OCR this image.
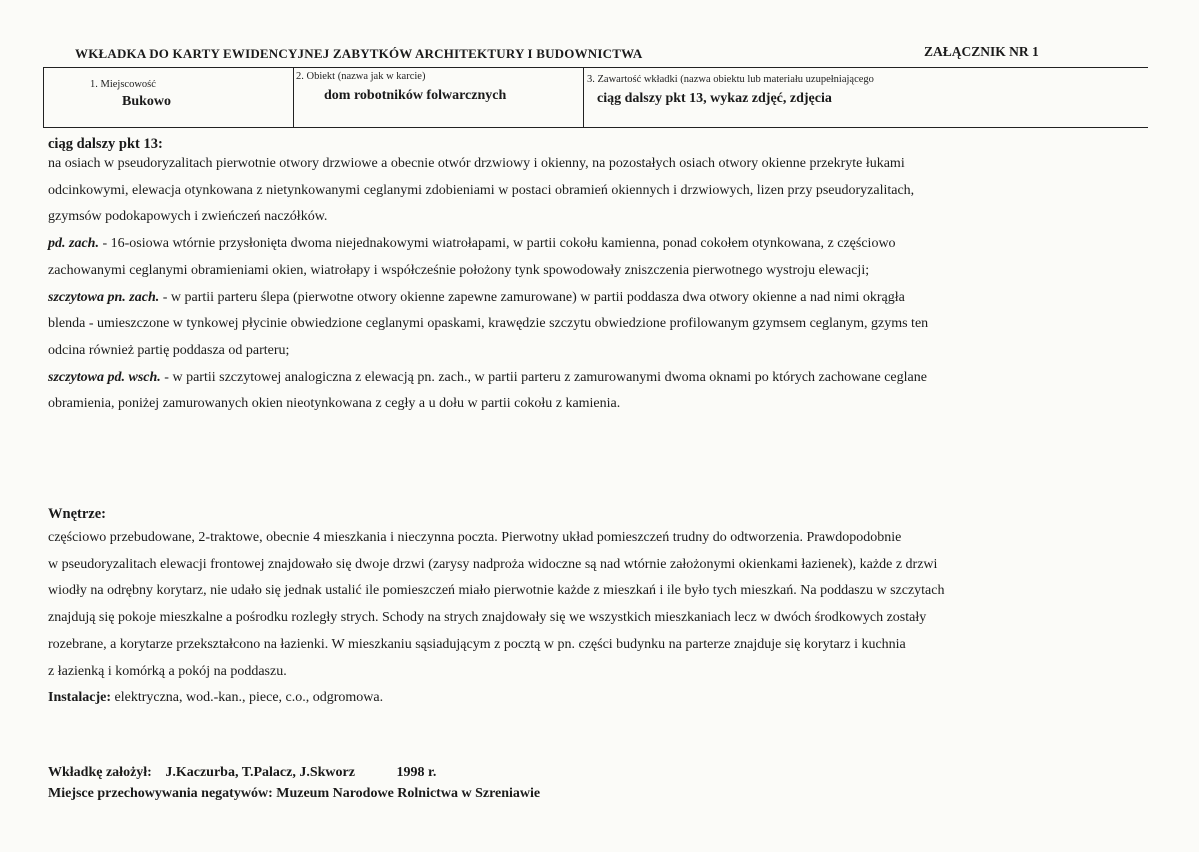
WKŁADKA DO KARTY EWIDENCYJNEJ ZABYTKÓW ARCHITEKTURY I BUDOWNICTWA	ZAŁĄCZNIK NR 1
1. Miejscowość
Bukowo
2. Obiekt (nazwa jak w karcie)
dom robotników folwarcznych
3. Zawartość wkładki (nazwa obiektu lub materiału uzupełniającego
ciąg dalszy pkt 13, wykaz zdjęć, zdjęcia

ciąg dalszy pkt 13:

na osiach w pseudoryzalitach pierwotnie otwory drzwiowe a obecnie otwór drzwiowy i okienny, na pozostałych osiach otwory okienne przekryte łukami

odcinkowymi, elewacja otynkowana z nietynkowanymi ceglanymi zdobieniami w postaci obramień okiennych i drzwiowych, lizen przy pseudoryzalitach,

gzymsów podokapowych i zwieńczeń naczółków.

pd. zach. - 16-osiowa wtórnie przysłonięta dwoma niejednakowymi wiatrołapami, w partii cokołu kamienna, ponad cokołem otynkowana, z częściowo

zachowanymi ceglanymi obramieniami okien, wiatrołapy i współcześnie położony tynk spowodowały zniszczenia pierwotnego wystroju elewacji;

szczytowa pn. zach. - w partii parteru ślepa (pierwotne otwory okienne zapewne zamurowane) w partii poddasza dwa otwory okienne a nad nimi okrągła

blenda - umieszczone w tynkowej płycinie obwiedzione ceglanymi opaskami, krawędzie szczytu obwiedzione profilowanym gzymsem ceglanym, gzyms ten

odcina również partię poddasza od parteru;

szczytowa pd. wsch. - w partii szczytowej analogiczna z elewacją pn. zach., w partii parteru z zamurowanymi dwoma oknami po których zachowane ceglane

obramienia, poniżej zamurowanych okien nieotynkowana z cegły a u dołu w partii cokołu z kamienia.

Wnętrze:

częściowo przebudowane, 2-traktowe, obecnie 4 mieszkania i nieczynna poczta. Pierwotny układ pomieszczeń trudny do odtworzenia. Prawdopodobnie

w pseudoryzalitach elewacji frontowej znajdowało się dwoje drzwi (zarysy nadproża widoczne są nad wtórnie założonymi okienkami łazienek), każde z drzwi

wiodły na odrębny korytarz, nie udało się jednak ustalić ile pomieszczeń miało pierwotnie każde z mieszkań i ile było tych mieszkań. Na poddaszu w szczytach

znajdują się pokoje mieszkalne a pośrodku rozległy strych. Schody na strych znajdowały się we wszystkich mieszkaniach lecz w dwóch środkowych zostały

rozebrane, a korytarze przekształcono na łazienki. W mieszkaniu sąsiadującym z pocztą w pn. części budynku na parterze znajduje się korytarz i kuchnia

z łazienką i komórką a pokój na poddaszu.

Instalacje: elektryczna, wod.-kan., piece, c.o., odgromowa.

Wkładkę założył: J.Kaczurba, T.Palacz, J.Skworz	1998 r.
Miejsce przechowywania negatywów: Muzeum Narodowe Rolnictwa w Szreniawie
